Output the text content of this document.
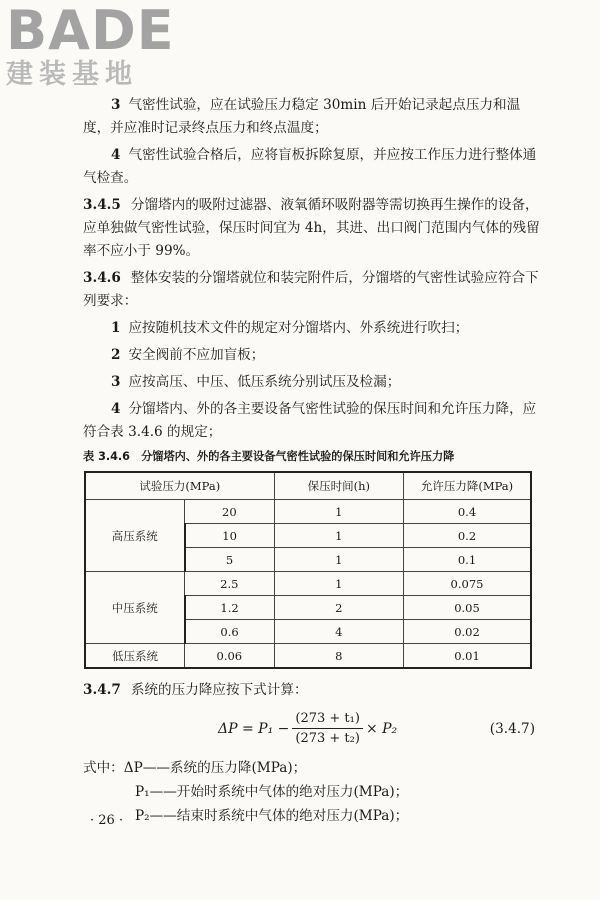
BADE
建装基地

3 气密性试验，应在试验压力稳定 30min 后开始记录起点压力和温度，并应准时记录终点压力和终点温度；

4 气密性试验合格后，应将盲板拆除复原，并应按工作压力进行整体通气检查。

3.4.5 分馏塔内的吸附过滤器、液氧循环吸附器等需切换再生操作的设备，应单独做气密性试验，保压时间宜为 4h，其进、出口阀门范围内气体的残留率不应小于 99%。

3.4.6 整体安装的分馏塔就位和装完附件后，分馏塔的气密性试验应符合下列要求：

1 应按随机技术文件的规定对分馏塔内、外系统进行吹扫；

2 安全阀前不应加盲板；

3 应按高压、中压、低压系统分别试压及检漏；

4 分馏塔内、外的各主要设备气密性试验的保压时间和允许压力降，应符合表 3.4.6 的规定；

表 3.4.6　分馏塔内、外的各主要设备气密性试验的保压时间和允许压力降
试验压力(MPa)		保压时间(h)	允许压力降(MPa)
高压系统	20	1	0.4
	10	1	0.2
	5	1	0.1
中压系统	2.5	1	0.075
	1.2	2	0.05
	0.6	4	0.02
低压系统	0.06	8	0.01

3.4.7 系统的压力降应按下式计算：

$\Delta P = P_1 - \frac{\text{(273 + t₁)}}{\text{(273 + t₂)}} \times P_2$	(3.4.7)

式中：ΔP——系统的压力降(MPa)；

P₁——开始时系统中气体的绝对压力(MPa)；

P₂——结束时系统中气体的绝对压力(MPa)；

· 26 ·
